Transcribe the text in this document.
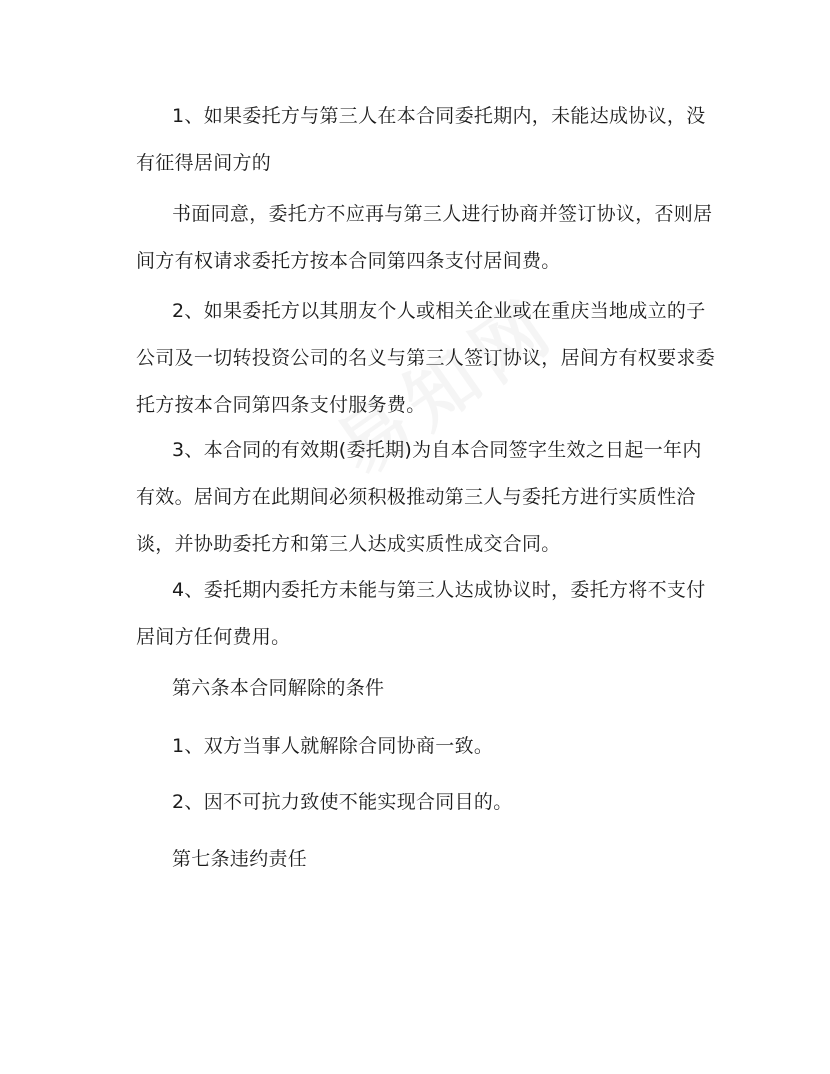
1、如果委托方与第三人在本合同委托期内，未能达成协议，没有征得居间方的

书面同意，委托方不应再与第三人进行协商并签订协议，否则居间方有权请求委托方按本合同第四条支付居间费。

2、如果委托方以其朋友个人或相关企业或在重庆当地成立的子公司及一切转投资公司的名义与第三人签订协议，居间方有权要求委托方按本合同第四条支付服务费。

3、本合同的有效期(委托期)为自本合同签字生效之日起一年内有效。居间方在此期间必须积极推动第三人与委托方进行实质性洽谈，并协助委托方和第三人达成实质性成交合同。

4、委托期内委托方未能与第三人达成协议时，委托方将不支付居间方任何费用。

第六条本合同解除的条件

1、双方当事人就解除合同协商一致。

2、因不可抗力致使不能实现合同目的。

第七条违约责任
